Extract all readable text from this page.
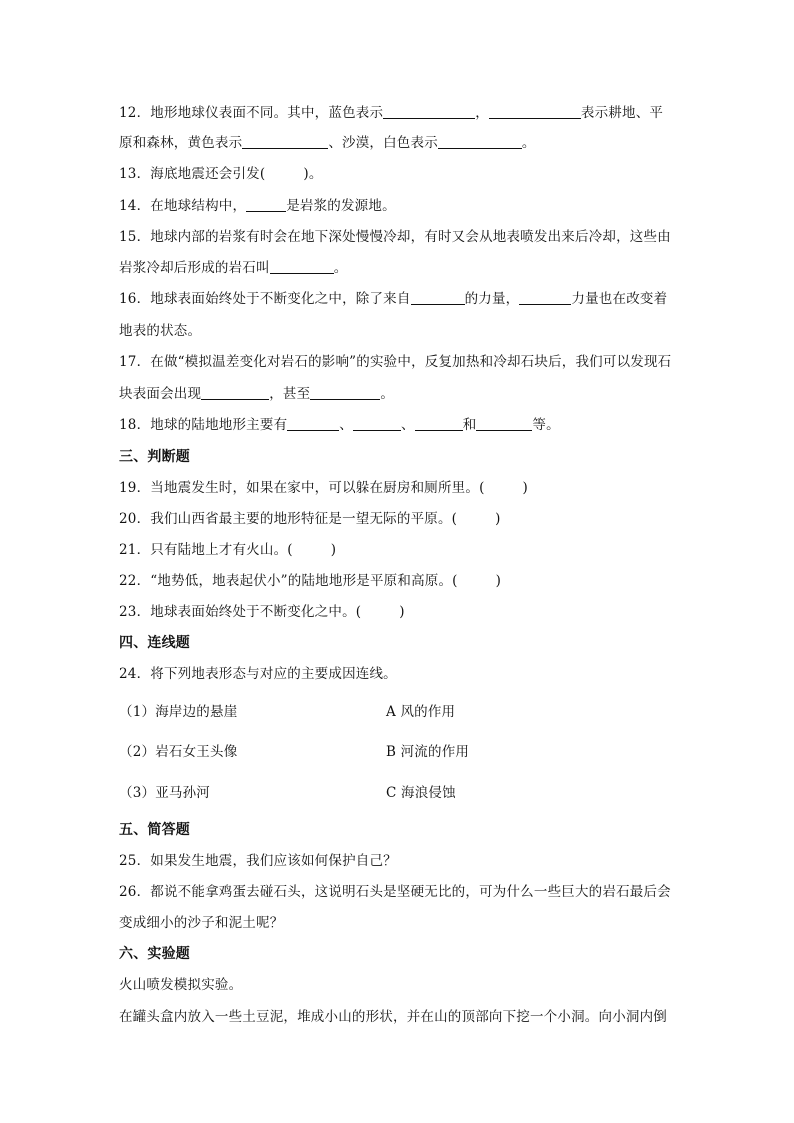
12．地形地球仪表面不同。其中，蓝色表示	，	表示耕地、平
原和森林，黄色表示	、沙漠，白色表示	。
13．海底地震还会引发(	)。
14．在地球结构中，	是岩浆的发源地。
15．地球内部的岩浆有时会在地下深处慢慢冷却，有时又会从地表喷发出来后冷却，这些由
岩浆冷却后形成的岩石叫	。
16．地球表面始终处于不断变化之中，除了来自	的力量，	力量也在改变着
地表的状态。
17．在做“模拟温差变化对岩石的影响”的实验中，反复加热和冷却石块后，我们可以发现石
块表面会出现	，甚至	。
18．地球的陆地地形主要有	、	、	和	等。
三、判断题
19．当地震发生时，如果在家中，可以躲在厨房和厕所里。(	)
20．我们山西省最主要的地形特征是一望无际的平原。(	)
21．只有陆地上才有火山。(	)
22．“地势低，地表起伏小”的陆地地形是平原和高原。(	)
23．地球表面始终处于不断变化之中。(	)
四、连线题
24．将下列地表形态与对应的主要成因连线。
（1）海岸边的悬崖	A 风的作用
（2）岩石女王头像	B 河流的作用
（3）亚马孙河	C 海浪侵蚀
五、简答题
25．如果发生地震，我们应该如何保护自己？
26．都说不能拿鸡蛋去碰石头，这说明石头是坚硬无比的，可为什么一些巨大的岩石最后会
变成细小的沙子和泥土呢？
六、实验题
火山喷发模拟实验。
在罐头盒内放入一些土豆泥，堆成小山的形状，并在山的顶部向下挖一个小洞。向小洞内倒
